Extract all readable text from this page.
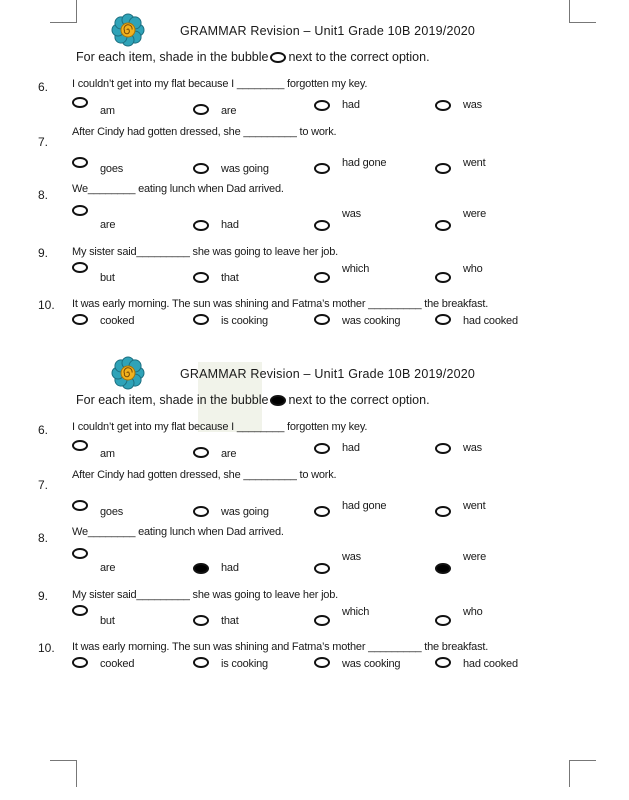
GRAMMAR Revision – Unit1 Grade 10B 2019/2020
For each item, shade in the bubble next to the correct option.
6. I couldn’t get into my flat because I ________ forgotten my key.
am	are	had	was
7.
After Cindy had gotten dressed, she _________ to work.
goes	was going	had gone	went
8. We________ eating lunch when Dad arrived.
are	had
was	were
9. My sister said_________ she was going to leave her job.
but	that
which	who
10. It was early morning. The sun was shining and Fatma’s mother _________ the breakfast.
cooked	is cooking	was cooking	had cooked
GRAMMAR Revision – Unit1 Grade 10B 2019/2020
For each item, shade in the bubble next to the correct option.
6. I couldn’t get into my flat because I ________ forgotten my key.
am	are	had	was
7.
After Cindy had gotten dressed, she _________ to work.
goes	was going	had gone	went
8. We________ eating lunch when Dad arrived.
are	had
was	were
9. My sister said_________ she was going to leave her job.
but	that
which	who
10. It was early morning. The sun was shining and Fatma’s mother _________ the breakfast.
cooked	is cooking	was cooking	had cooked
